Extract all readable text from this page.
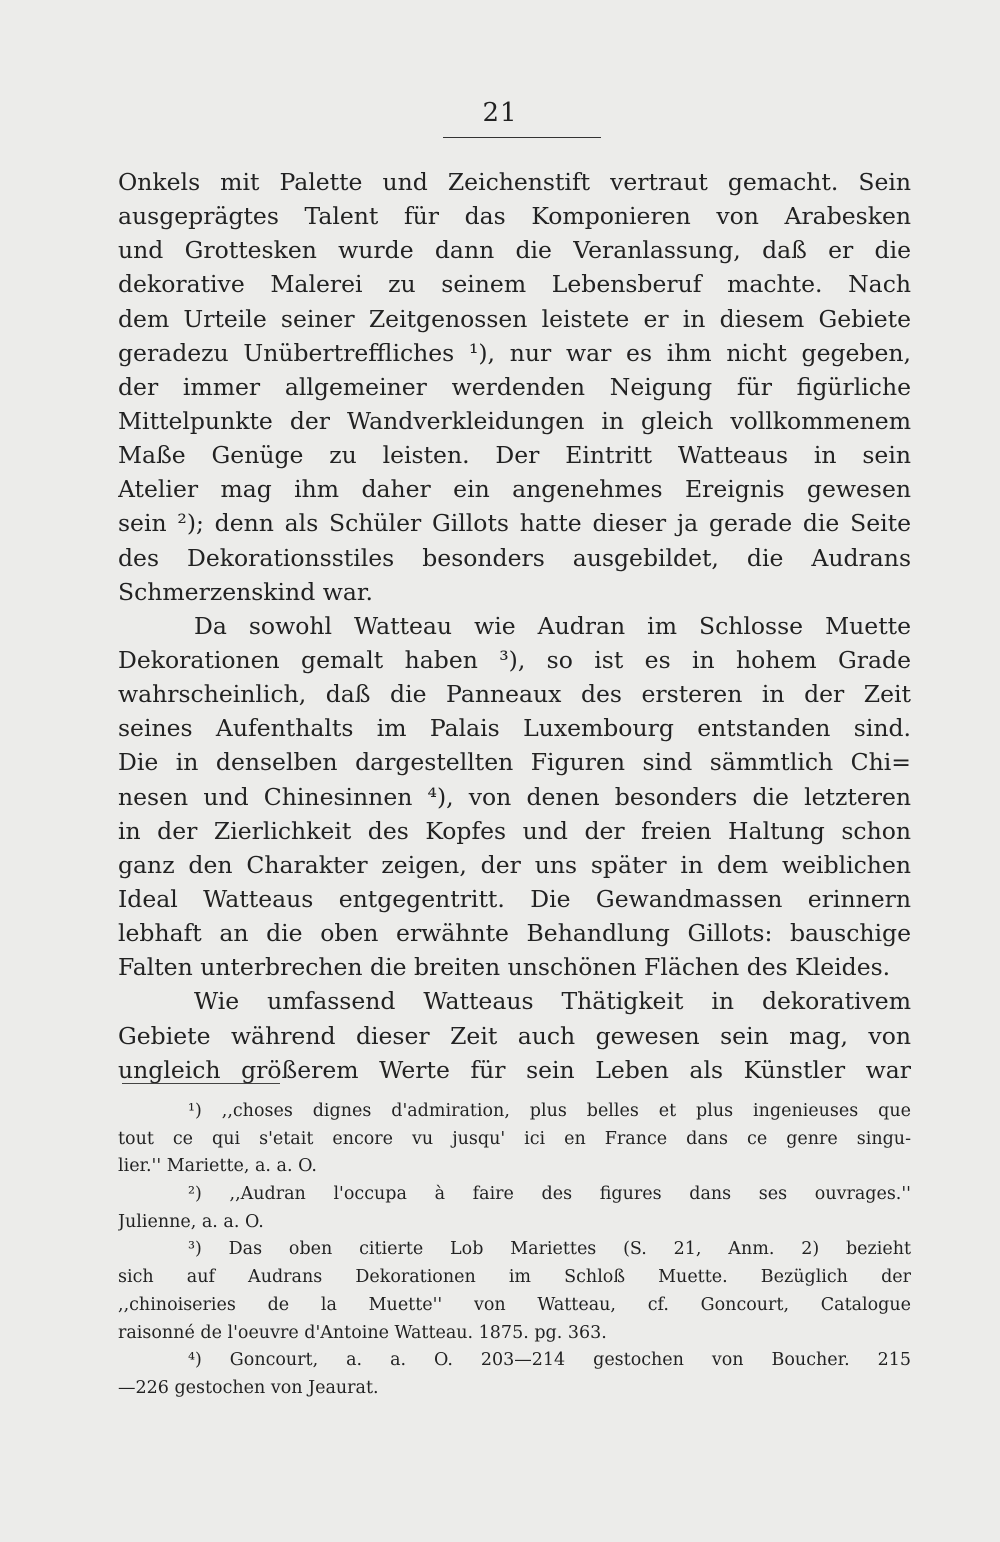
21
Onkels mit Palette und Zeichenstift vertraut gemacht. Sein
ausgeprägtes Talent für das Komponieren von Arabesken
und Grottesken wurde dann die Veranlassung, daß er die
dekorative Malerei zu seinem Lebensberuf machte. Nach
dem Urteile seiner Zeitgenossen leistete er in diesem Gebiete
geradezu Unübertreffliches ¹), nur war es ihm nicht gegeben,
der immer allgemeiner werdenden Neigung für figürliche
Mittelpunkte der Wandverkleidungen in gleich vollkommenem
Maße Genüge zu leisten. Der Eintritt Watteaus in sein
Atelier mag ihm daher ein angenehmes Ereignis gewesen
sein ²); denn als Schüler Gillots hatte dieser ja gerade die Seite
des Dekorationsstiles besonders ausgebildet, die Audrans
Schmerzenskind war.
Da sowohl Watteau wie Audran im Schlosse Muette
Dekorationen gemalt haben ³), so ist es in hohem Grade
wahrscheinlich, daß die Panneaux des ersteren in der Zeit
seines Aufenthalts im Palais Luxembourg entstanden sind.
Die in denselben dargestellten Figuren sind sämmtlich Chi=
nesen und Chinesinnen ⁴), von denen besonders die letzteren
in der Zierlichkeit des Kopfes und der freien Haltung schon
ganz den Charakter zeigen, der uns später in dem weiblichen
Ideal Watteaus entgegentritt. Die Gewandmassen erinnern
lebhaft an die oben erwähnte Behandlung Gillots: bauschige
Falten unterbrechen die breiten unschönen Flächen des Kleides.
Wie umfassend Watteaus Thätigkeit in dekorativem
Gebiete während dieser Zeit auch gewesen sein mag, von
ungleich größerem Werte für sein Leben als Künstler war
¹) ,,choses dignes d'admiration, plus belles et plus ingenieuses que
tout ce qui s'etait encore vu jusqu' ici en France dans ce genre singu-
lier.'' Mariette, a. a. O.
²) ,,Audran l'occupa à faire des figures dans ses ouvrages.''
Julienne, a. a. O.
³) Das oben citierte Lob Mariettes (S. 21, Anm. 2) bezieht
sich auf Audrans Dekorationen im Schloß Muette. Bezüglich der
,,chinoiseries de la Muette'' von Watteau, cf. Goncourt, Catalogue
raisonné de l'oeuvre d'Antoine Watteau. 1875. pg. 363.
⁴) Goncourt, a. a. O. 203—214 gestochen von Boucher. 215
—226 gestochen von Jeaurat.
